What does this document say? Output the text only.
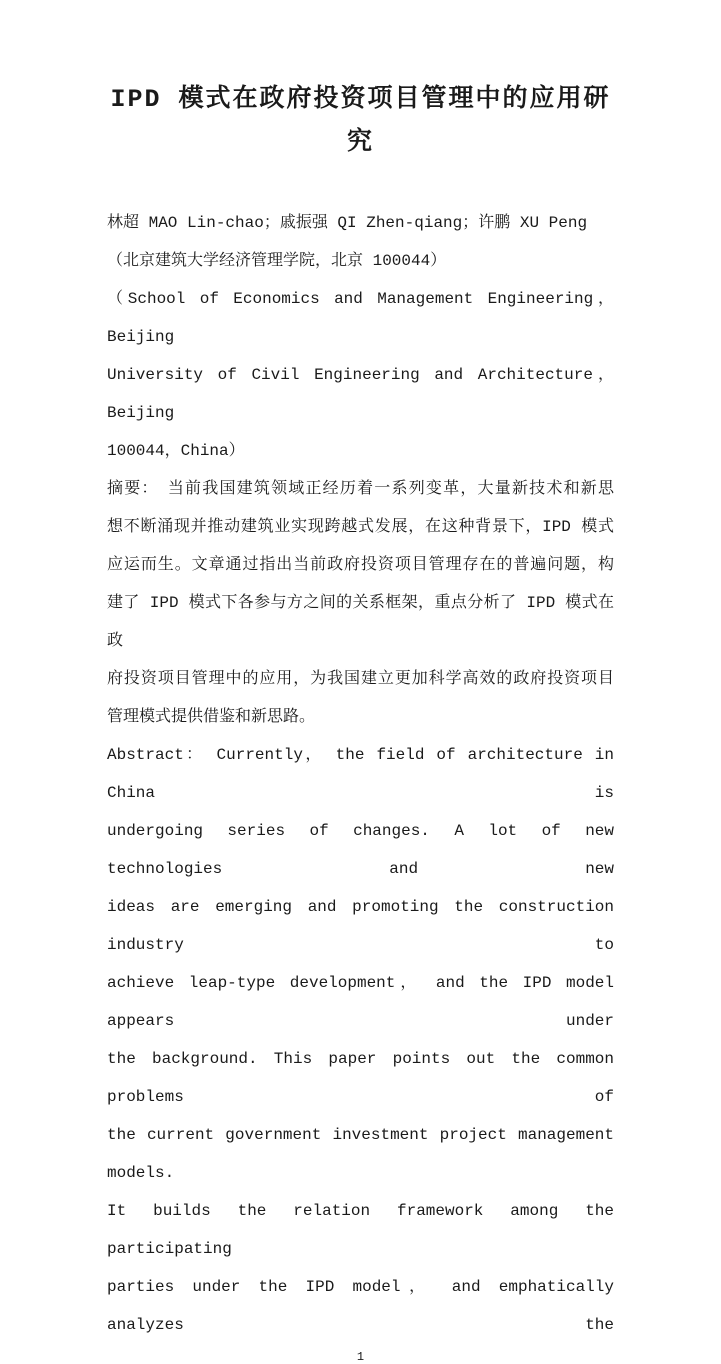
IPD 模式在政府投资项目管理中的应用研
究
林超 MAO Lin-chao；戚振强 QI Zhen-qiang；许鹏 XU Peng
（北京建筑大学经济管理学院，北京 100044）
（School of Economics and Management Engineering，Beijing
University of Civil Engineering and Architecture，Beijing
100044，China）
摘要：　当前我国建筑领域正经历着一系列变革，大量新技术和新思
想不断涌现并推动建筑业实现跨越式发展，在这种背景下，IPD 模式
应运而生。文章通过指出当前政府投资项目管理存在的普遍问题，构
建了 IPD 模式下各参与方之间的关系框架，重点分析了 IPD 模式在政
府投资项目管理中的应用，为我国建立更加科学高效的政府投资项目
管理模式提供借鉴和新思路。
Abstract： Currently， the field of architecture in China is
undergoing series of changes. A lot of new technologies and new
ideas are emerging and promoting the construction industry to
achieve leap-type development， and the IPD model appears under
the background. This paper points out the common problems of
the current government investment project management models.
It builds the relation framework among the participating
parties under the IPD model， and emphatically analyzes the
1
